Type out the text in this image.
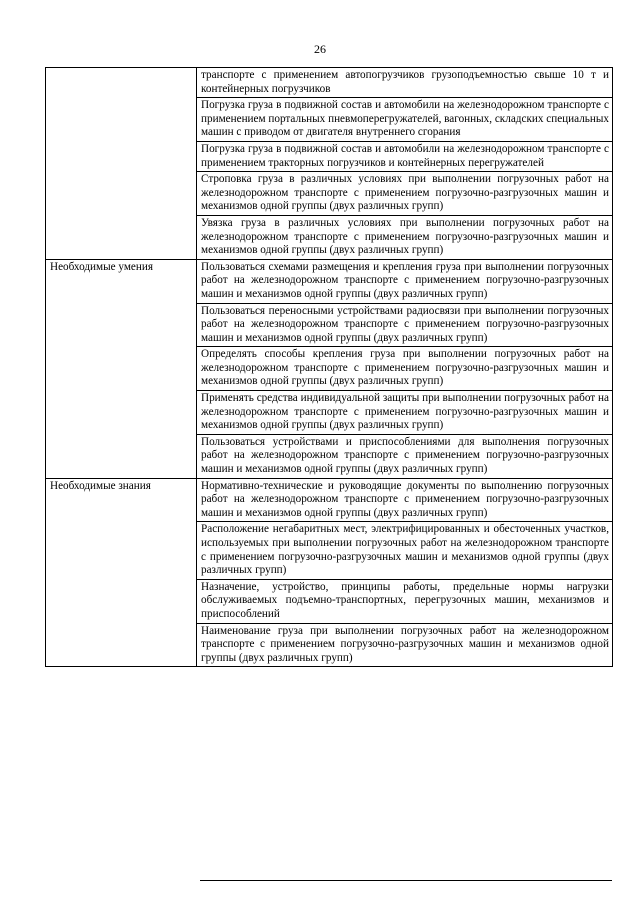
26
	транспорте с применением автопогрузчиков грузоподъемностью свыше 10 т и контейнерных погрузчиков
	Погрузка груза в подвижной состав и автомобили на железнодорожном транспорте с применением портальных пневмоперегружателей, вагонных, складских специальных машин с приводом от двигателя внутреннего сгорания
	Погрузка груза в подвижной состав и автомобили на железнодорожном транспорте с применением тракторных погрузчиков и контейнерных перегружателей
	Строповка груза в различных условиях при выполнении погрузочных работ на железнодорожном транспорте с применением погрузочно-разгрузочных машин и механизмов одной группы (двух различных групп)
	Увязка груза в различных условиях при выполнении погрузочных работ на железнодорожном транспорте с применением погрузочно-разгрузочных машин и механизмов одной группы (двух различных групп)
Необходимые умения	Пользоваться схемами размещения и крепления груза при выполнении погрузочных работ на железнодорожном транспорте с применением погрузочно-разгрузочных машин и механизмов одной группы (двух различных групп)
	Пользоваться переносными устройствами радиосвязи при выполнении погрузочных работ на железнодорожном транспорте с применением погрузочно-разгрузочных машин и механизмов одной группы (двух различных групп)
	Определять способы крепления груза при выполнении погрузочных работ на железнодорожном транспорте с применением погрузочно-разгрузочных машин и механизмов одной группы (двух различных групп)
	Применять средства индивидуальной защиты при выполнении погрузочных работ на железнодорожном транспорте с применением погрузочно-разгрузочных машин и механизмов одной группы (двух различных групп)
	Пользоваться устройствами и приспособлениями для выполнения погрузочных работ на железнодорожном транспорте с применением погрузочно-разгрузочных машин и механизмов одной группы (двух различных групп)
Необходимые знания	Нормативно-технические и руководящие документы по выполнению погрузочных работ на железнодорожном транспорте с применением погрузочно-разгрузочных машин и механизмов одной группы (двух различных групп)
	Расположение негабаритных мест, электрифицированных и обесточенных участков, используемых при выполнении погрузочных работ на железнодорожном транспорте с применением погрузочно-разгрузочных машин и механизмов одной группы (двух различных групп)
	Назначение, устройство, принципы работы, предельные нормы нагрузки обслуживаемых подъемно-транспортных, перегрузочных машин, механизмов и приспособлений
	Наименование груза при выполнении погрузочных работ на железнодорожном транспорте с применением погрузочно-разгрузочных машин и механизмов одной группы (двух различных групп)
